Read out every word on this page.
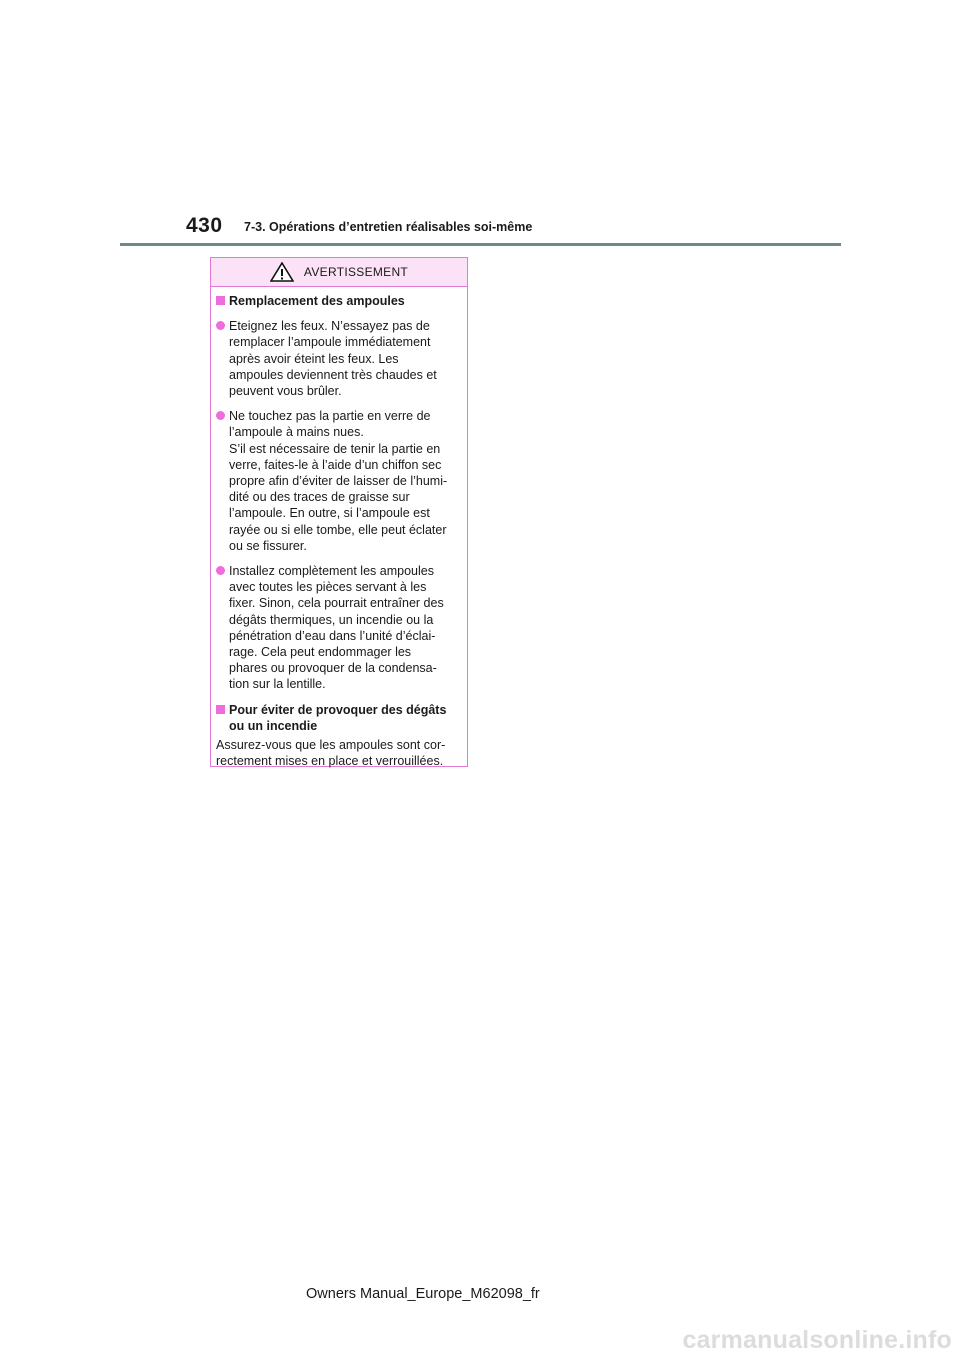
430 7-3. Opérations d’entretien réalisables soi-même
AVERTISSEMENT
Remplacement des ampoules
Eteignez les feux. N’essayez pas de
remplacer l’ampoule immédiatement
après avoir éteint les feux. Les
ampoules deviennent très chaudes et
peuvent vous brûler.
Ne touchez pas la partie en verre de
l’ampoule à mains nues.
S’il est nécessaire de tenir la partie en
verre, faites-le à l’aide d’un chiffon sec
propre afin d’éviter de laisser de l’humi-
dité ou des traces de graisse sur
l’ampoule. En outre, si l’ampoule est
rayée ou si elle tombe, elle peut éclater
ou se fissurer.
Installez complètement les ampoules
avec toutes les pièces servant à les
fixer. Sinon, cela pourrait entraîner des
dégâts thermiques, un incendie ou la
pénétration d’eau dans l’unité d’éclai-
rage. Cela peut endommager les
phares ou provoquer de la condensa-
tion sur la lentille.
Pour éviter de provoquer des dégâts
ou un incendie
Assurez-vous que les ampoules sont cor-
rectement mises en place et verrouillées.
Owners Manual_Europe_M62098_fr
carmanualsonline.info
